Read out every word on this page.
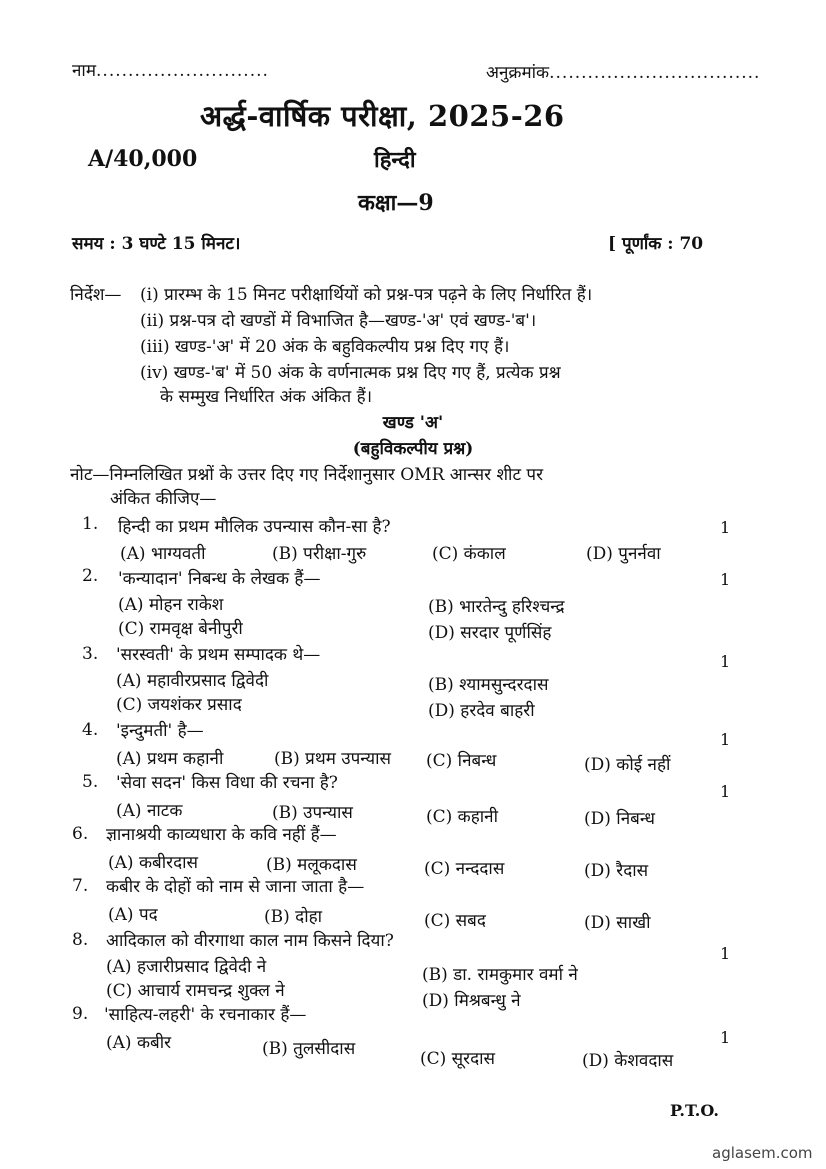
नाम...........................	अनुक्रमांक.................................
अर्द्ध-वार्षिक परीक्षा, 2025-26
A/40,000	हिन्दी
कक्षा—9
समय : 3 घण्टे 15 मिनट।	[ पूर्णांक : 70
निर्देश— (i) प्रारम्भ के 15 मिनट परीक्षार्थियों को प्रश्न-पत्र पढ़ने के लिए निर्धारित हैं।
(ii) प्रश्न-पत्र दो खण्डों में विभाजित है—खण्ड-'अ' एवं खण्ड-'ब'।
(iii) खण्ड-'अ' में 20 अंक के बहुविकल्पीय प्रश्न दिए गए हैं।
(iv) खण्ड-'ब' में 50 अंक के वर्णनात्मक प्रश्न दिए गए हैं, प्रत्येक प्रश्न
के सम्मुख निर्धारित अंक अंकित हैं।
खण्ड 'अ'
(बहुविकल्पीय प्रश्न)
नोट—निम्नलिखित प्रश्नों के उत्तर दिए गए निर्देशानुसार OMR आन्सर शीट पर
अंकित कीजिए—
1. हिन्दी का प्रथम मौलिक उपन्यास कौन-सा है?	1
(A) भाग्यवती	(B) परीक्षा-गुरु	(C) कंकाल	(D) पुनर्नवा
2. 'कन्यादान' निबन्ध के लेखक हैं—	1
(A) मोहन राकेश	(B) भारतेन्दु हरिश्चन्द्र
(C) रामवृक्ष बेनीपुरी	(D) सरदार पूर्णसिंह
3. 'सरस्वती' के प्रथम सम्पादक थे—	1
(A) महावीरप्रसाद द्विवेदी	(B) श्यामसुन्दरदास
(C) जयशंकर प्रसाद	(D) हरदेव बाहरी
4. 'इन्दुमती' है—	1
(A) प्रथम कहानी	(B) प्रथम उपन्यास (C) निबन्ध	(D) कोई नहीं
5. 'सेवा सदन' किस विधा की रचना है?	1
(A) नाटक	(B) उपन्यास	(C) कहानी	(D) निबन्ध
6. ज्ञानाश्रयी काव्यधारा के कवि नहीं हैं—
(A) कबीरदास	(B) मलूकदास	(C) नन्ददास	(D) रैदास
7. कबीर के दोहों को नाम से जाना जाता है—
(A) पद	(B) दोहा	(C) सबद	(D) साखी
8. आदिकाल को वीरगाथा काल नाम किसने दिया?
1
(A) हजारीप्रसाद द्विवेदी ने	(B) डा. रामकुमार वर्मा ने
(C) आचार्य रामचन्द्र शुक्ल ने	(D) मिश्रबन्धु ने
9. 'साहित्य-लहरी' के रचनाकार हैं—
1
(A) कबीर	(B) तुलसीदास	(C) सूरदास	(D) केशवदास
P.T.O.
aglasem.com
